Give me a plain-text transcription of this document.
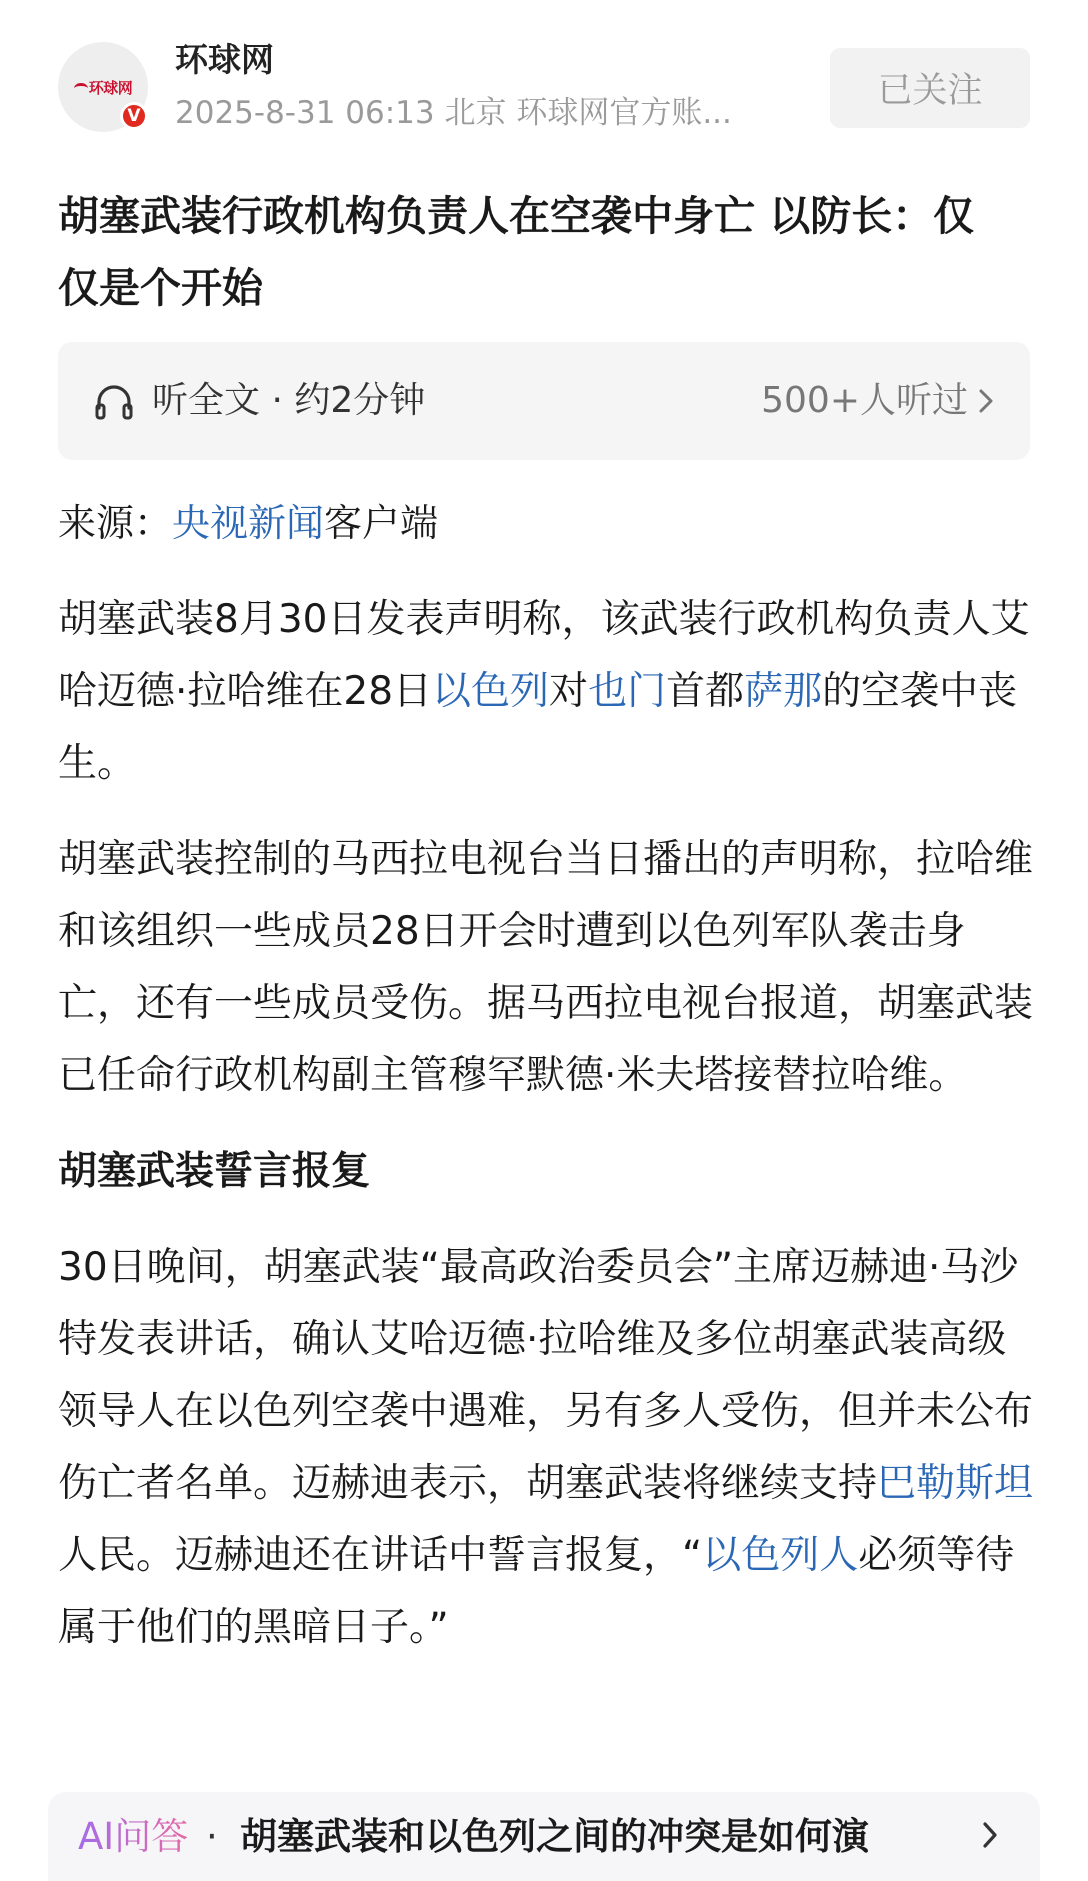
环球网
V
环球网
2025-8-31 06:13 北京 环球网官方账...
已关注
胡塞武装行政机构负责人在空袭中身亡 以防长：仅仅是个开始
听全文 · 约2分钟	500+人听过
来源：央视新闻客户端

胡塞武装8月30日发表声明称，该武装行政机构负责人艾哈迈德·拉哈维在28日以色列对也门首都萨那的空袭中丧生。

胡塞武装控制的马西拉电视台当日播出的声明称，拉哈维和该组织一些成员28日开会时遭到以色列军队袭击身亡，还有一些成员受伤。据马西拉电视台报道，胡塞武装已任命行政机构副主管穆罕默德·米夫塔接替拉哈维。

胡塞武装誓言报复

30日晚间，胡塞武装“最高政治委员会”主席迈赫迪·马沙特发表讲话，确认艾哈迈德·拉哈维及多位胡塞武装高级领导人在以色列空袭中遇难，另有多人受伤，但并未公布伤亡者名单。迈赫迪表示，胡塞武装将继续支持巴勒斯坦人民。迈赫迪还在讲话中誓言报复，“以色列人必须等待属于他们的黑暗日子。”

AI问答 · 胡塞武装和以色列之间的冲突是如何演
